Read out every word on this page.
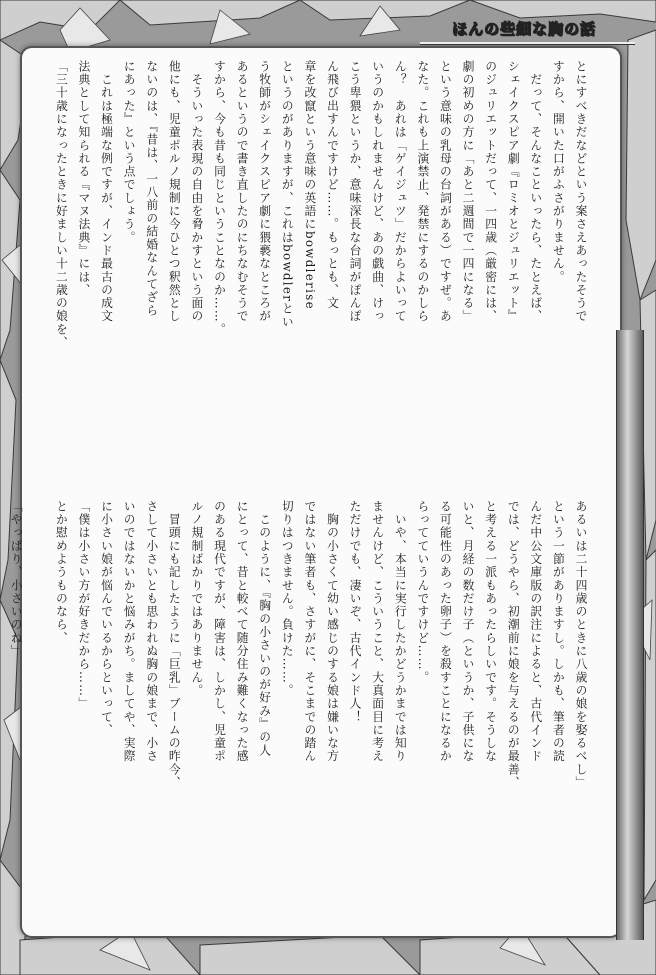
ほんの些細な胸の話
とにすべきだなどという案さえあったそうで
すから、開いた口がふさがりません。
　だって、そんなこといったら、たとえば、
シェイクスピア劇『ロミオとジュリエット』
のジュリエットだって、一四歳（厳密には、
劇の初めの方に「あと二週間で一四になる」
という意味の乳母の台詞がある）ですぜ。あ
なた。これも上演禁止、発禁にするのかしら
ん？　あれは「ゲイジュツ」だからよいって
いうのかもしれませんけど、あの戯曲、けっ
こう卑猥というか、意味深長な台詞がぽんぽ
ん飛び出すんですけど……。もっとも、文
章を改竄という意味の英語にbowdlerise
というのがありますが、これはbowdlerとい
う牧師がシェイクスピア劇に猥褻なところが
あるというので書き直したのにちなむそうで
すから、今も昔も同じということなのか……。
　そういった表現の自由を脅かすという面の
他にも、児童ポルノ規制に今ひとつ釈然とし
ないのは、『昔は、一八前の結婚なんてざら
にあった』という点でしょう。
　これは極端な例ですが、インド最古の成文
法典として知られる『マヌ法典』には、
「三十歳になったときに好ましい十二歳の娘を、
あるいは二十四歳のときに八歳の娘を娶るべし」
という一節がありますし。しかも、筆者の読
んだ中公文庫版の訳注によると、古代インド
では、どうやら、初潮前に娘を与えるのが最善、
と考える一派もあったらしいです。そうしな
いと、月経の数だけ子（というか、子供にな
る可能性のあった卵子）を殺すことになるか
らってていうんですけど……。
　いや、本当に実行したかどうかまでは知り
ませんけど、こういうこと、大真面目に考え
ただけでも、凄いぞ、古代インド人！
　胸の小さくて幼い感じのする娘は嫌いな方
ではない筆者も、さすがに、そこまでの踏ん
切りはつきません。負けた……。
　このように、『胸の小さいのが好み』の人
にとって、昔と較べて随分住み難くなった感
のある現代ですが、障害は、しかし、児童ポ
ルノ規制ばかりではありません。
　冒頭にも記したように「巨乳」ブームの昨今、
さして小さいとも思われぬ胸の娘まで、小さ
いのではないかと悩みがち。ましてや、実際
に小さい娘が悩んでいるからといって、
「僕は小さい方が好きだから……」
とか慰めようものなら、

「やっぱり、小さいのね」
